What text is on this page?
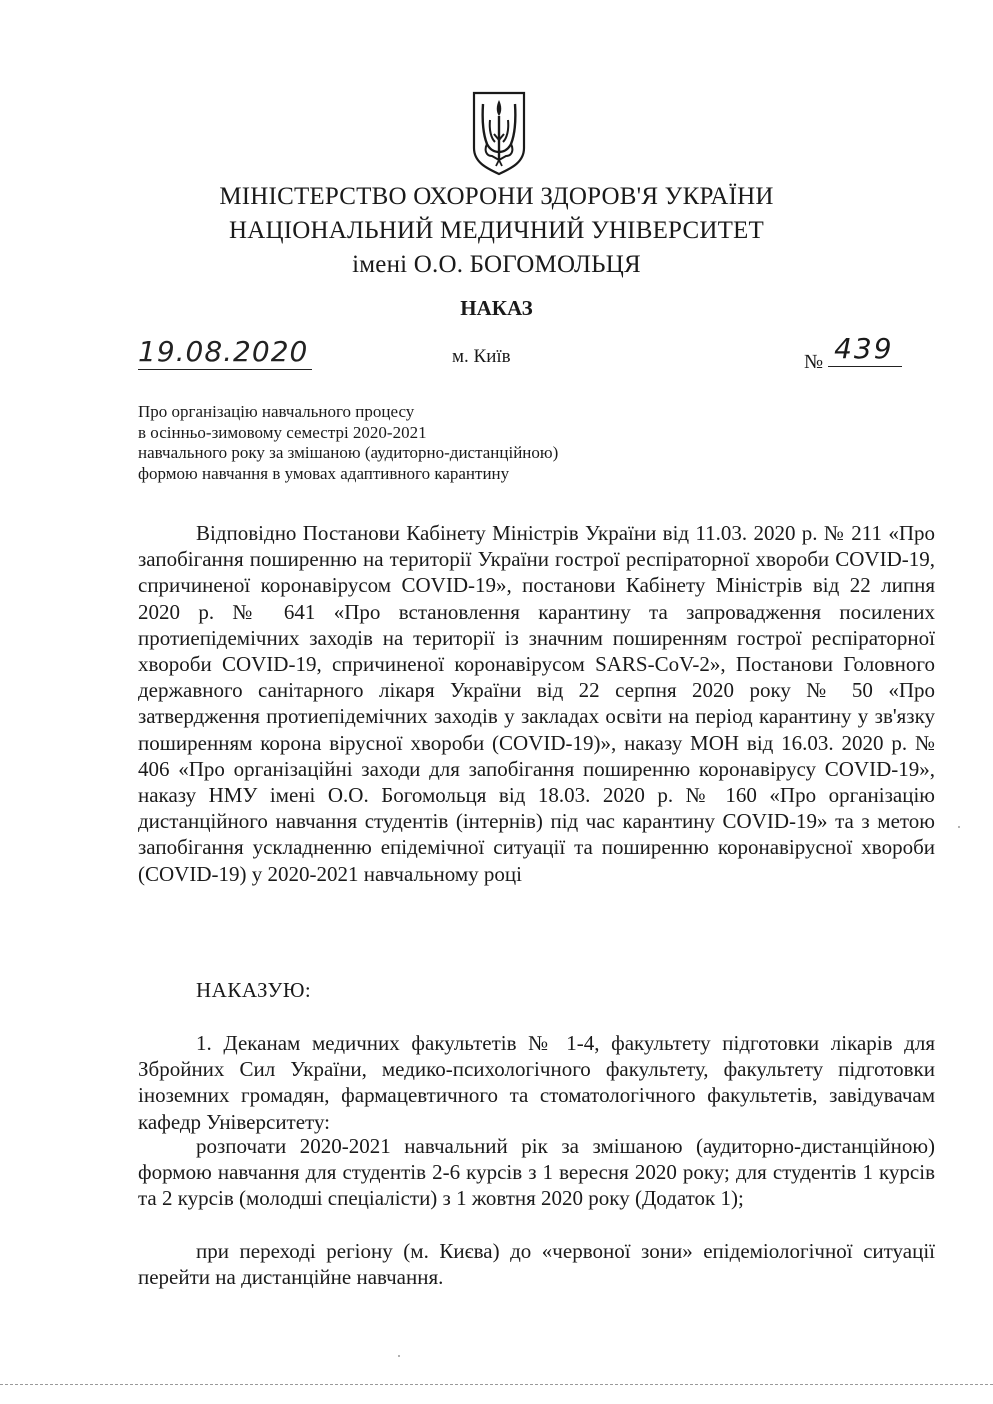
МІНІСТЕРСТВО ОХОРОНИ ЗДОРОВ'Я УКРАЇНИ
НАЦІОНАЛЬНИЙ МЕДИЧНИЙ УНІВЕРСИТЕТ
імені О.О. БОГОМОЛЬЦЯ
НАКАЗ
19.08.2020	м. Київ	№ 439
Про організацію навчального процесу
в осінньо-зимовому семестрі 2020-2021
навчального року за змішаною (аудиторно-дистанційною)
формою навчання в умовах адаптивного карантину
Відповідно Постанови Кабінету Міністрів України від 11.03. 2020 р. № 211 «Про запобігання поширенню на території України гострої респіраторної хвороби COVID-19, спричиненої коронавірусом COVID-19», постанови Кабінету Міністрів від 22 липня 2020 р. № 641 «Про встановлення карантину та запровадження посилених протиепідемічних заходів на території із значним поширенням гострої респіраторної хвороби COVID-19, спричиненої коронавірусом SARS-CoV-2», Постанови Головного державного санітарного лікаря України від 22 серпня 2020 року № 50 «Про затвердження протиепідемічних заходів у закладах освіти на період карантину у зв'язку поширенням корона вірусної хвороби (COVID-19)», наказу МОН від 16.03. 2020 р. № 406 «Про організаційні заходи для запобігання поширенню коронавірусу COVID-19», наказу НМУ імені О.О. Богомольця від 18.03. 2020 р. № 160 «Про організацію дистанційного навчання студентів (інтернів) під час карантину COVID-19» та з метою запобігання ускладненню епідемічної ситуації та поширенню коронавірусної хвороби (COVID-19) у 2020-2021 навчальному році
НАКАЗУЮ:
1. Деканам медичних факультетів № 1-4, факультету підготовки лікарів для Збройних Сил України, медико-психологічного факультету, факультету підготовки іноземних громадян, фармацевтичного та стоматологічного факультетів, завідувачам кафедр Університету:
розпочати 2020-2021 навчальний рік за змішаною (аудиторно-дистанційною) формою навчання для студентів 2-6 курсів з 1 вересня 2020 року; для студентів 1 курсів та 2 курсів (молодші спеціалісти) з 1 жовтня 2020 року (Додаток 1);
при переході регіону (м. Києва) до «червоної зони» епідеміологічної ситуації перейти на дистанційне навчання.
